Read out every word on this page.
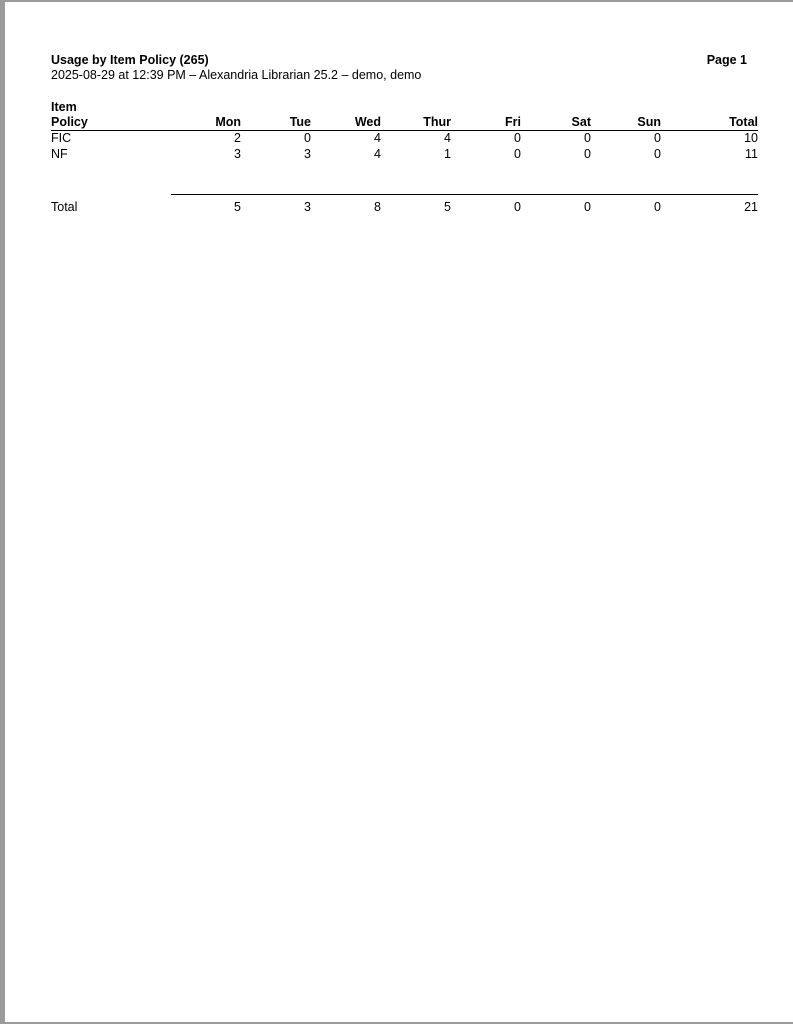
Usage by Item Policy (265)
2025-08-29 at 12:39 PM – Alexandria Librarian 25.2 – demo, demo
Page 1
Item
Policy	Mon	Tue	Wed	Thur	Fri	Sat	Sun	Total
FIC	2	0	4	4	0	0	0	10
NF	3	3	4	1	0	0	0	11

Total	5	3	8	5	0	0	0	21
